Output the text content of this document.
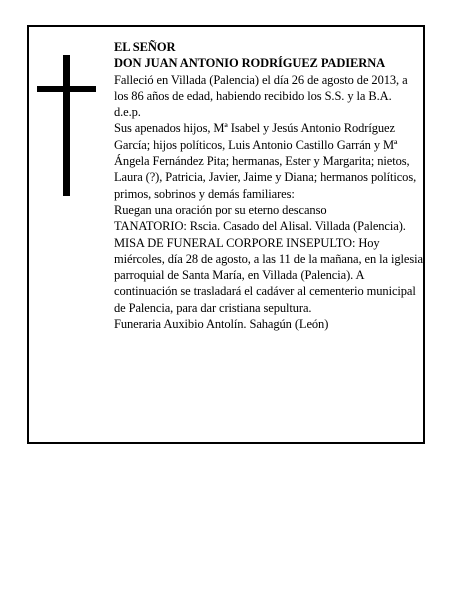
EL SEÑOR

DON JUAN ANTONIO RODRÍGUEZ PADIERNA

Falleció en Villada (Palencia) el día 26 de agosto de 2013, a los 86 años de edad, habiendo recibido los S.S. y la B.A.

d.e.p.

Sus apenados hijos, Mª Isabel y Jesús Antonio Rodríguez García; hijos políticos, Luis Antonio Castillo Garrán y Mª Ángela Fernández Pita; hermanas, Ester y Margarita; nietos, Laura (?), Patricia, Javier, Jaime y Diana; hermanos políticos, primos, sobrinos y demás familiares:

Ruegan una oración por su eterno descanso

TANATORIO: Rscia. Casado del Alisal. Villada (Palencia).

MISA DE FUNERAL CORPORE INSEPULTO: Hoy miércoles, día 28 de agosto, a las 11 de la mañana, en la iglesia parroquial de Santa María, en Villada (Palencia). A continuación se trasladará el cadáver al cementerio municipal de Palencia, para dar cristiana sepultura.

Funeraria Auxibio Antolín. Sahagún (León)
